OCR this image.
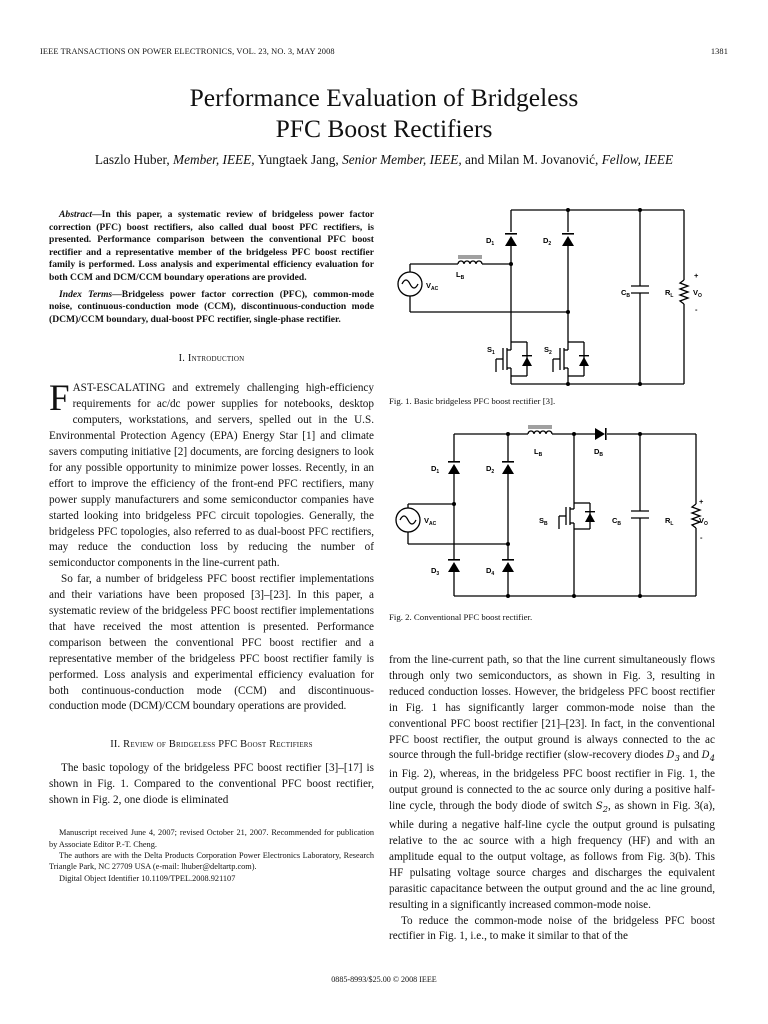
IEEE TRANSACTIONS ON POWER ELECTRONICS, VOL. 23, NO. 3, MAY 2008	1381
Performance Evaluation of Bridgeless
PFC Boost Rectifiers
Laszlo Huber, Member, IEEE, Yungtaek Jang, Senior Member, IEEE, and Milan M. Jovanović, Fellow, IEEE

Abstract—In this paper, a systematic review of bridgeless power factor correction (PFC) boost rectifiers, also called dual boost PFC rectifiers, is presented. Performance comparison between the conventional PFC boost rectifier and a representative member of the bridgeless PFC boost rectifier family is performed. Loss analysis and experimental efficiency evaluation for both CCM and DCM/CCM boundary operations are provided.

Index Terms—Bridgeless power factor correction (PFC), common-mode noise, continuous-conduction mode (CCM), discontinuous-conduction mode (DCM)/CCM boundary, dual-boost PFC rectifier, single-phase rectifier.

I. Introduction

FAST-ESCALATING and extremely challenging high-efficiency requirements for ac/dc power supplies for notebooks, desktop computers, workstations, and servers, spelled out in the U.S. Environmental Protection Agency (EPA) Energy Star [1] and climate savers computing initiative [2] documents, are forcing designers to look for any possible opportunity to minimize power losses. Recently, in an effort to improve the efficiency of the front-end PFC rectifiers, many power supply manufacturers and some semiconductor companies have started looking into bridgeless PFC circuit topologies. Generally, the bridgeless PFC topologies, also referred to as dual-boost PFC rectifiers, may reduce the conduction loss by reducing the number of semiconductor components in the line-current path.

So far, a number of bridgeless PFC boost rectifier implementations and their variations have been proposed [3]–[23]. In this paper, a systematic review of the bridgeless PFC boost rectifier implementations that have received the most attention is presented. Performance comparison between the conventional PFC boost rectifier and a representative member of the bridgeless PFC boost rectifier family is performed. Loss analysis and experimental efficiency evaluation for both continuous-conduction mode (CCM) and discontinuous-conduction mode (DCM)/CCM boundary operations are provided.

II. Review of Bridgeless PFC Boost Rectifiers

The basic topology of the bridgeless PFC boost rectifier [3]–[17] is shown in Fig. 1. Compared to the conventional PFC boost rectifier, shown in Fig. 2, one diode is eliminated

Manuscript received June 4, 2007; revised October 21, 2007. Recommended for publication by Associate Editor P.-T. Cheng.

The authors are with the Delta Products Corporation Power Electronics Laboratory, Research Triangle Park, NC 27709 USA (e-mail: lhuber@deltartp.com).

Digital Object Identifier 10.1109/TPEL.2008.921107

$D_1$	$D_2$
$L_B$
$V_{AC}$	$C_B$	$R_L$	$V_O$
+
-
$S_1$	$S_2$
Fig. 1. Basic bridgeless PFC boost rectifier [3].
$L_B$	$D_B$
$D_1$	$D_2$
$D_3$	$D_4$
$V_{AC}$	$S_B$	$C_B$	$R_L$	$V_O$
+
-
Fig. 2. Conventional PFC boost rectifier.

from the line-current path, so that the line current simultaneously flows through only two semiconductors, as shown in Fig. 3, resulting in reduced conduction losses. However, the bridgeless PFC boost rectifier in Fig. 1 has significantly larger common-mode noise than the conventional PFC boost rectifier [21]–[23]. In fact, in the conventional PFC boost rectifier, the output ground is always connected to the ac source through the full-bridge rectifier (slow-recovery diodes $D_3$ and $D_4$ in Fig. 2), whereas, in the bridgeless PFC boost rectifier in Fig. 1, the output ground is connected to the ac source only during a positive half-line cycle, through the body diode of switch $S_2$, as shown in Fig. 3(a), while during a negative half-line cycle the output ground is pulsating relative to the ac source with a high frequency (HF) and with an amplitude equal to the output voltage, as follows from Fig. 3(b). This HF pulsating voltage source charges and discharges the equivalent parasitic capacitance between the output ground and the ac line ground, resulting in a significantly increased common-mode noise.

To reduce the common-mode noise of the bridgeless PFC boost rectifier in Fig. 1, i.e., to make it similar to that of the

0885-8993/$25.00 © 2008 IEEE
